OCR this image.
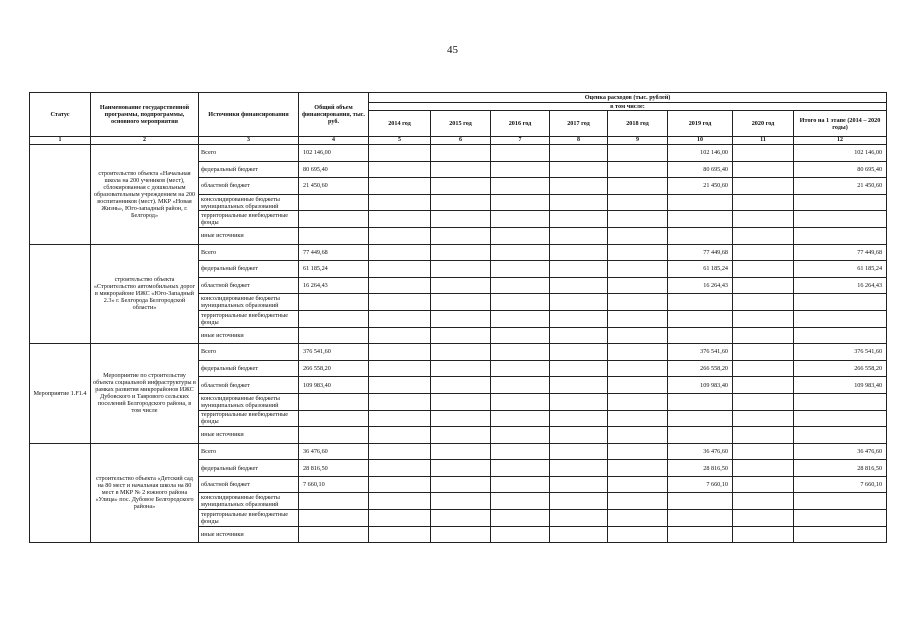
45
Статус	Наименование государственной программы, подпрограммы, основного мероприятия	Источники финансирования	Общий объем финансирования, тыс. руб.	Оценка расходов (тыс. рублей)							
				в том числе:							
				2014 год	2015 год	2016 год	2017 год	2018 год	2019 год	2020 год	Итого на 1 этапе (2014 – 2020 годы)
1	2	3	4	5	6	7	8	9	10	11	12
	строительство объекта «Начальная школа на 200 учеников (мест), сблокированная с дошкольным образовательным учреждением на 200 воспитанников (мест). МКР «Новая Жизнь», Юго-западный район, г. Белгород»	Всего	102 146,00						102 146,00		102 146,00
		федеральный бюджет	80 695,40						80 695,40		80 695,40
		областной бюджет	21 450,60						21 450,60		21 450,60
		консолидированные бюджеты муниципальных образований									
		территориальные внебюджетные фонды									
		иные источники									
	строительство объекта «Строительство автомобильных дорог в микрорайоне ИЖС «Юго-Западный 2.3» г. Белгорода Белгородской области»	Всего	77 449,68						77 449,68		77 449,68
		федеральный бюджет	61 185,24						61 185,24		61 185,24
		областной бюджет	16 264,43						16 264,43		16 264,43
		консолидированные бюджеты муниципальных образований									
		территориальные внебюджетные фонды									
		иные источники									
Мероприятие 1.F1.4	Мероприятие по строительству объекта социальной инфраструктуры в рамках развития микрорайонов ИЖС Дубовского и Таврового сельских поселений Белгородского района, в том числе	Всего	376 541,60						376 541,60		376 541,60
		федеральный бюджет	266 558,20						266 558,20		266 558,20
		областной бюджет	109 983,40						109 983,40		109 983,40
		консолидированные бюджеты муниципальных образований									
		территориальные внебюджетные фонды									
		иные источники									
	строительство объекта «Детский сад на 80 мест и начальная школа на 80 мест в МКР № 2 южного района «Улица» пос. Дубовое Белгородского района»	Всего	36 476,60						36 476,60		36 476,60
		федеральный бюджет	28 816,50						28 816,50		28 816,50
		областной бюджет	7 660,10						7 660,10		7 660,10
		консолидированные бюджеты муниципальных образований									
		территориальные внебюджетные фонды									
		иные источники									
